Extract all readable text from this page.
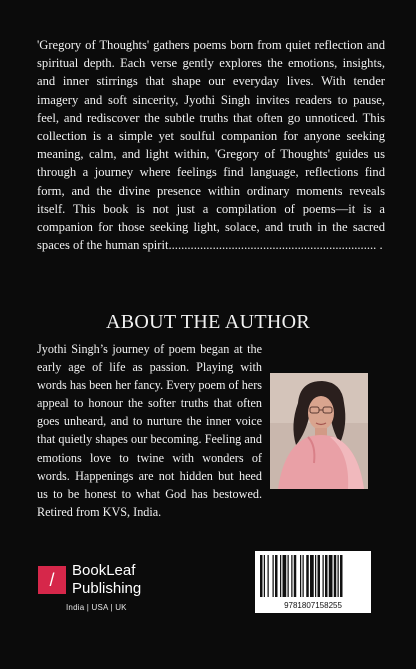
'Gregory of Thoughts' gathers poems born from quiet reflection and spiritual depth. Each verse gently explores the emotions, insights, and inner stirrings that shape our everyday lives. With tender imagery and soft sincerity, Jyothi Singh invites readers to pause, feel, and rediscover the subtle truths that often go unnoticed. This collection is a simple yet soulful companion for anyone seeking meaning, calm, and light within, 'Gregory of Thoughts' guides us through a journey where feelings find language, reflections find form, and the divine presence within ordinary moments reveals itself. This book is not just a compilation of poems—it is a companion for those seeking light, solace, and truth in the sacred spaces of the human spirit.................................................................. .

ABOUT THE AUTHOR

Jyothi Singh’s journey of poem began at the early age of life as passion. Playing with words has been her fancy. Every poem of hers appeal to honour the softer truths that often goes unheard, and to nurture the inner voice that quietly shapes our becoming. Feeling and emotions love to twine with wonders of words. Happenings are not hidden but heed us to be honest to what God has bestowed. Retired from KVS, India.

/ BookLeaf
Publishing
India | USA | UK	9781807158255
